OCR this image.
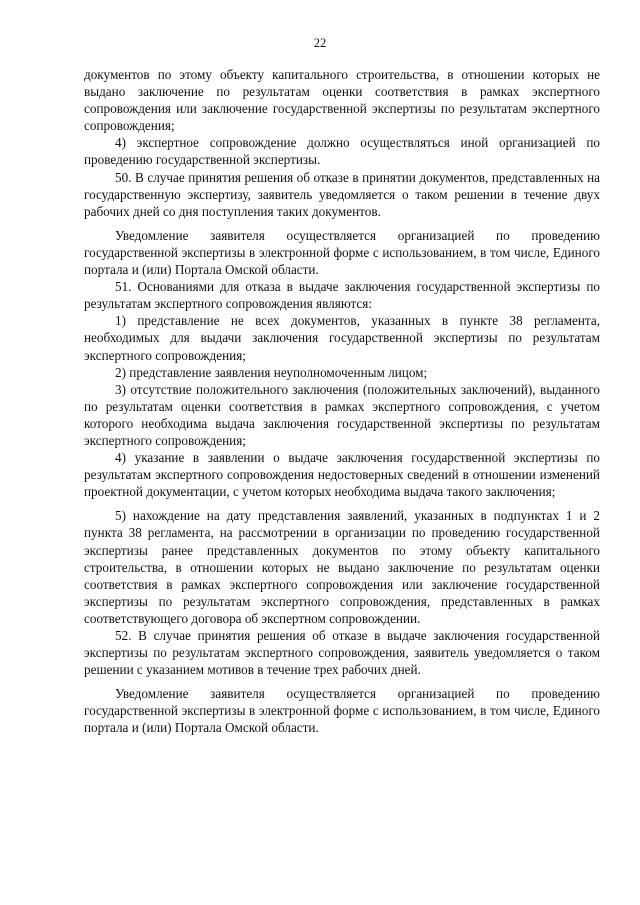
22

документов по этому объекту капитального строительства, в отношении которых не выдано заключение по результатам оценки соответствия в рамках экспертного сопровождения или заключение государственной экспертизы по результатам экспертного сопровождения;

4) экспертное сопровождение должно осуществляться иной организацией по проведению государственной экспертизы.

50. В случае принятия решения об отказе в принятии документов, представленных на государственную экспертизу, заявитель уведомляется о таком решении в течение двух рабочих дней со дня поступления таких документов.

Уведомление заявителя осуществляется организацией по проведению государственной экспертизы в электронной форме с использованием, в том числе, Единого портала и (или) Портала Омской области.

51. Основаниями для отказа в выдаче заключения государственной экспертизы по результатам экспертного сопровождения являются:

1) представление не всех документов, указанных в пункте 38 регламента, необходимых для выдачи заключения государственной экспертизы по результатам экспертного сопровождения;

2) представление заявления неуполномоченным лицом;

3) отсутствие положительного заключения (положительных заключений), выданного по результатам оценки соответствия в рамках экспертного сопровождения, с учетом которого необходима выдача заключения государственной экспертизы по результатам экспертного сопровождения;

4) указание в заявлении о выдаче заключения государственной экспертизы по результатам экспертного сопровождения недостоверных сведений в отношении изменений проектной документации, с учетом которых необходима выдача такого заключения;

5) нахождение на дату представления заявлений, указанных в подпунктах 1 и 2 пункта 38 регламента, на рассмотрении в организации по проведению государственной экспертизы ранее представленных документов по этому объекту капитального строительства, в отношении которых не выдано заключение по результатам оценки соответствия в рамках экспертного сопровождения или заключение государственной экспертизы по результатам экспертного сопровождения, представленных в рамках соответствующего договора об экспертном сопровождении.

52. В случае принятия решения об отказе в выдаче заключения государственной экспертизы по результатам экспертного сопровождения, заявитель уведомляется о таком решении с указанием мотивов в течение трех рабочих дней.

Уведомление заявителя осуществляется организацией по проведению государственной экспертизы в электронной форме с использованием, в том числе, Единого портала и (или) Портала Омской области.
